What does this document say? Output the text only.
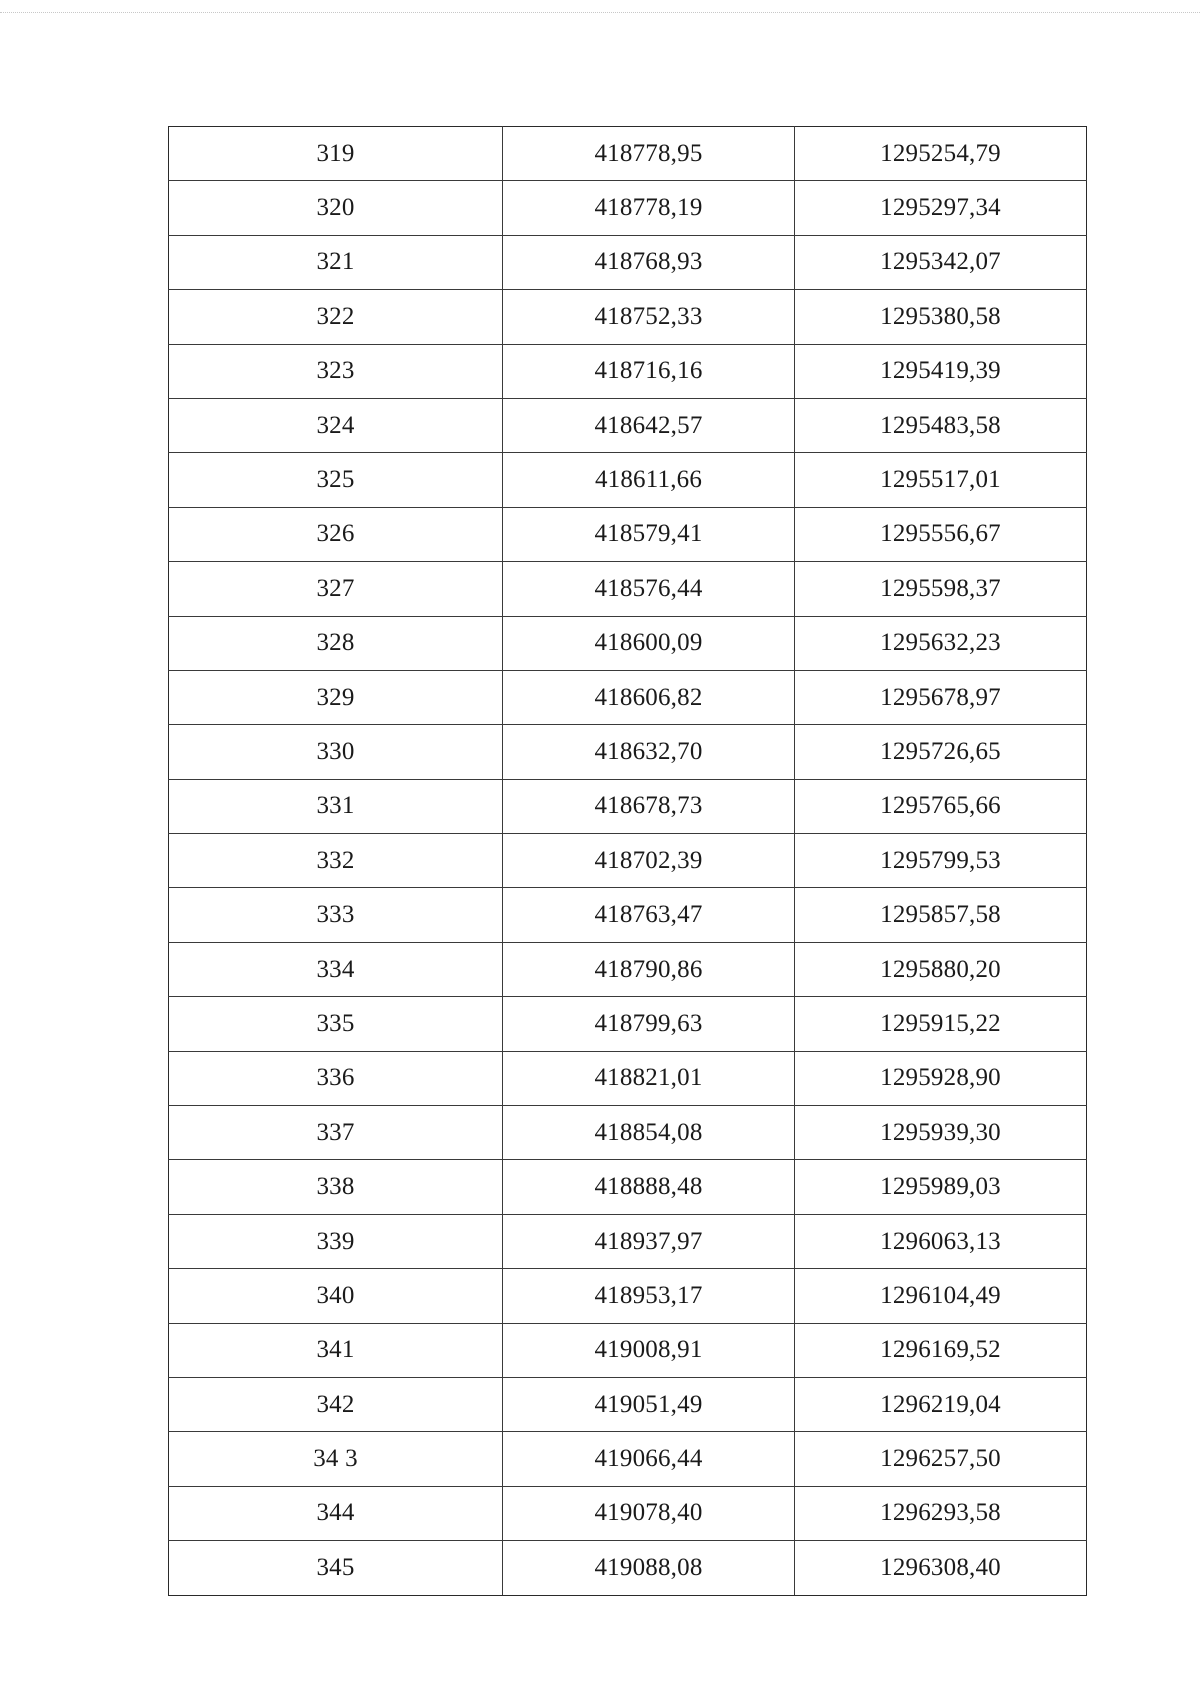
319	418778,95	1295254,79
320	418778,19	1295297,34
321	418768,93	1295342,07
322	418752,33	1295380,58
323	418716,16	1295419,39
324	418642,57	1295483,58
325	418611,66	1295517,01
326	418579,41	1295556,67
327	418576,44	1295598,37
328	418600,09	1295632,23
329	418606,82	1295678,97
330	418632,70	1295726,65
331	418678,73	1295765,66
332	418702,39	1295799,53
333	418763,47	1295857,58
334	418790,86	1295880,20
335	418799,63	1295915,22
336	418821,01	1295928,90
337	418854,08	1295939,30
338	418888,48	1295989,03
339	418937,97	1296063,13
340	418953,17	1296104,49
341	419008,91	1296169,52
342	419051,49	1296219,04
34 3	419066,44	1296257,50
344	419078,40	1296293,58
345	419088,08	1296308,40
